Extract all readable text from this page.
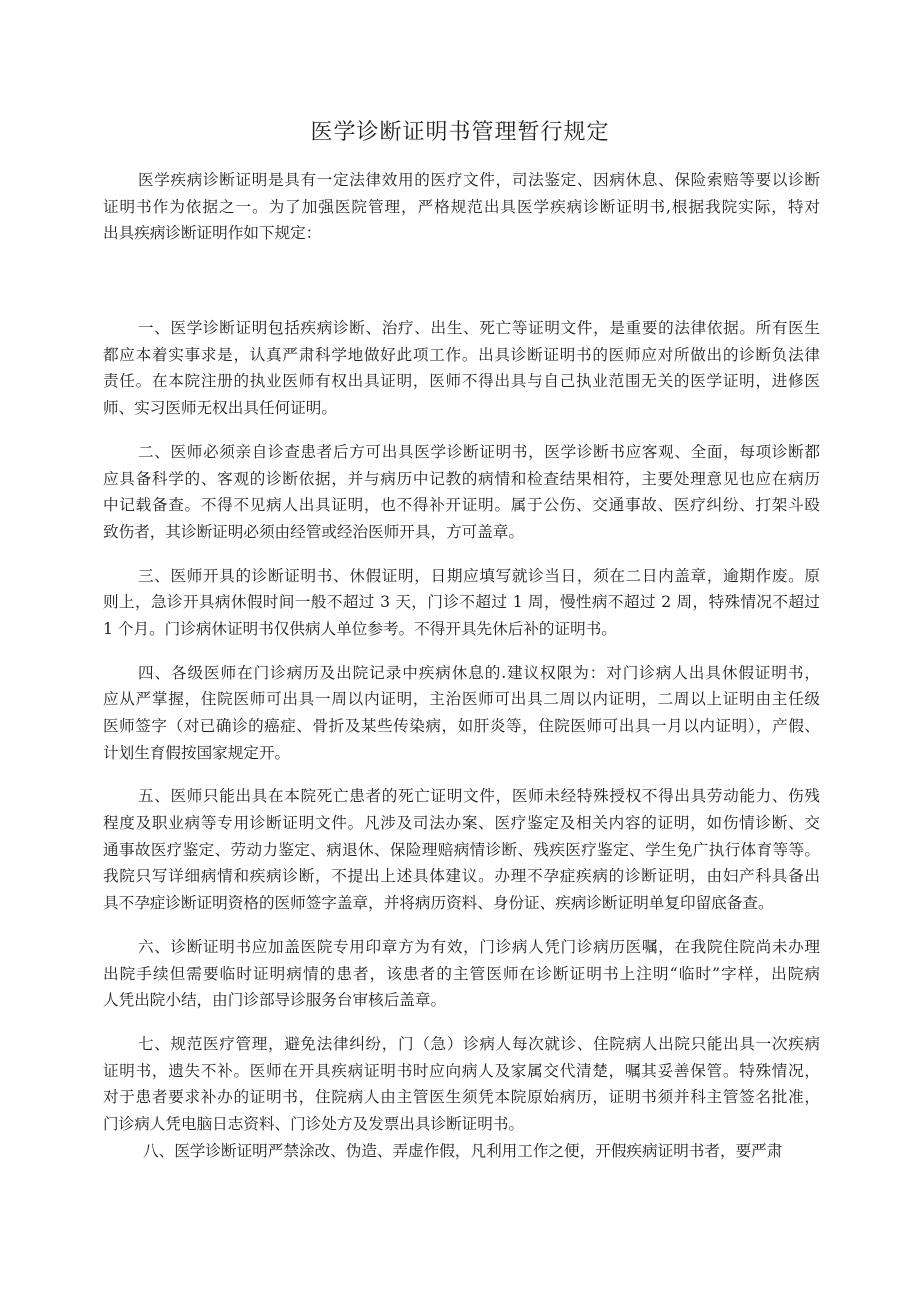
医学诊断证明书管理暂行规定
医学疾病诊断证明是具有一定法律效用的医疗文件，司法鉴定、因病休息、保险索赔等要以诊断
证明书作为依据之一。为了加强医院管理，严格规范出具医学疾病诊断证明书,根据我院实际，特对
出具疾病诊断证明作如下规定：
一、医学诊断证明包括疾病诊断、治疗、出生、死亡等证明文件，是重要的法律依据。所有医生
都应本着实事求是，认真严肃科学地做好此项工作。出具诊断证明书的医师应对所做出的诊断负法律
责任。在本院注册的执业医师有权出具证明，医师不得出具与自己执业范围无关的医学证明，进修医
师、实习医师无权出具任何证明。
二、医师必须亲自诊查患者后方可出具医学诊断证明书，医学诊断书应客观、全面，每项诊断都
应具备科学的、客观的诊断依据，并与病历中记教的病情和检查结果相符，主要处理意见也应在病历
中记载备查。不得不见病人出具证明，也不得补开证明。属于公伤、交通事故、医疗纠纷、打架斗殴
致伤者，其诊断证明必须由经管或经治医师开具，方可盖章。
三、医师开具的诊断证明书、休假证明，日期应填写就诊当日，须在二日内盖章，逾期作废。原
则上，急诊开具病休假时间一般不超过 3 天，门诊不超过 1 周，慢性病不超过 2 周，特殊情况不超过
1 个月。门诊病休证明书仅供病人单位参考。不得开具先休后补的证明书。
四、各级医师在门诊病历及出院记录中疾病休息的.建议权限为：对门诊病人出具休假证明书，
应从严掌握，住院医师可出具一周以内证明，主治医师可出具二周以内证明，二周以上证明由主任级
医师签字（对已确诊的癌症、骨折及某些传染病，如肝炎等，住院医师可出具一月以内证明），产假、
计划生育假按国家规定开。
五、医师只能出具在本院死亡患者的死亡证明文件，医师未经特殊授权不得出具劳动能力、伤残
程度及职业病等专用诊断证明文件。凡涉及司法办案、医疗鉴定及相关内容的证明，如伤情诊断、交
通事故医疗鉴定、劳动力鉴定、病退休、保险理赔病情诊断、残疾医疗鉴定、学生免广执行体育等等。
我院只写详细病情和疾病诊断，不提出上述具体建议。办理不孕症疾病的诊断证明，由妇产科具备出
具不孕症诊断证明资格的医师签字盖章，并将病历资料、身份证、疾病诊断证明单复印留底备查。
六、诊断证明书应加盖医院专用印章方为有效，门诊病人凭门诊病历医嘱，在我院住院尚未办理
出院手续但需要临时证明病情的患者，该患者的主管医师在诊断证明书上注明“临时”字样，出院病
人凭出院小结，由门诊部导诊服务台审核后盖章。
七、规范医疗管理，避免法律纠纷，门（急）诊病人每次就诊、住院病人出院只能出具一次疾病
证明书，遗失不补。医师在开具疾病证明书时应向病人及家属交代清楚，嘱其妥善保管。特殊情况，
对于患者要求补办的证明书，住院病人由主管医生须凭本院原始病历，证明书须并科主管签名批准，
门诊病人凭电脑日志资料、门诊处方及发票出具诊断证明书。
八、医学诊断证明严禁涂改、伪造、弄虚作假，凡利用工作之便，开假疾病证明书者，要严肃
